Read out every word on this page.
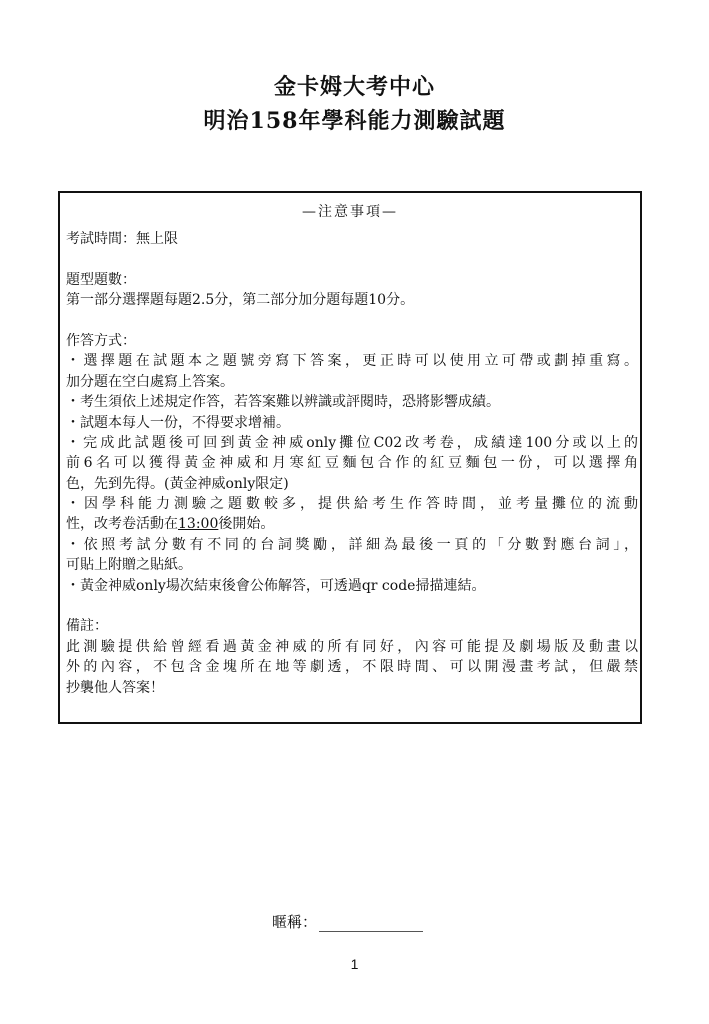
金卡姆大考中心
明治158年學科能力測驗試題
—注意事項—
考試時間：無上限
題型題數：
第一部分選擇題每題2.5分，第二部分加分題每題10分。
作答方式：
・選擇題在試題本之題號旁寫下答案，更正時可以使用立可帶或劃掉重寫。
加分題在空白處寫上答案。
・考生須依上述規定作答，若答案難以辨識或評閱時，恐將影響成績。
・試題本每人一份，不得要求增補。
・完成此試題後可回到黃金神威only攤位C02改考卷，成績達100分或以上的
前6名可以獲得黃金神威和月寒紅豆麵包合作的紅豆麵包一份，可以選擇角
色，先到先得。(黃金神威only限定)
・因學科能力測驗之題數較多，提供給考生作答時間，並考量攤位的流動
性，改考卷活動在13:00後開始。
・依照考試分數有不同的台詞獎勵，詳細為最後一頁的「分數對應台詞」，
可貼上附贈之貼紙。
・黃金神威only場次結束後會公佈解答，可透過qr code掃描連結。
備註：
此測驗提供給曾經看過黃金神威的所有同好，內容可能提及劇場版及動畫以
外的內容，不包含金塊所在地等劇透，不限時間、可以開漫畫考試，但嚴禁
抄襲他人答案！
暱稱：
1
